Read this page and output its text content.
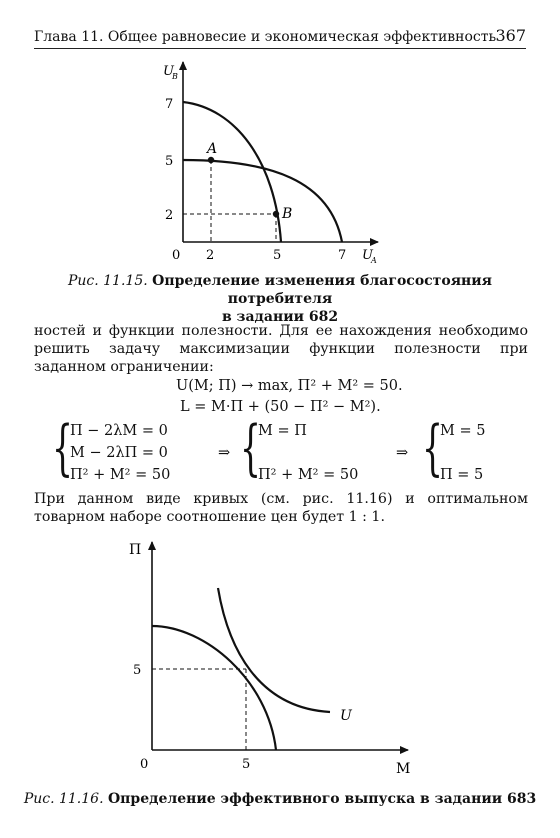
Глава 11. Общее равновесие и экономическая эффективность 367
A
B
7
5
2
0 2	5	7
U
B
U
A
Рис. 11.15. Определение изменения благосостояния потребителя
в задании 682
ностей и функции полезности. Для ее нахождения необходимо решить задачу максимизации функции полезности при заданном ограничении:
U(М; П) → max, П² + М² = 50.
L = М·П + (50 − П² − М²).
{
П − 2λМ = 0
М − 2λП = 0
П² + М² = 50
⇒ {
М = П
П² + М² = 50
⇒ {
М = 5
П = 5
При данном виде кривых (см. рис. 11.16) и оптимальном товарном наборе соотношение цен будет 1 : 1.
П
М
0
5
5
U
Рис. 11.16. Определение эффективного выпуска в задании 683
